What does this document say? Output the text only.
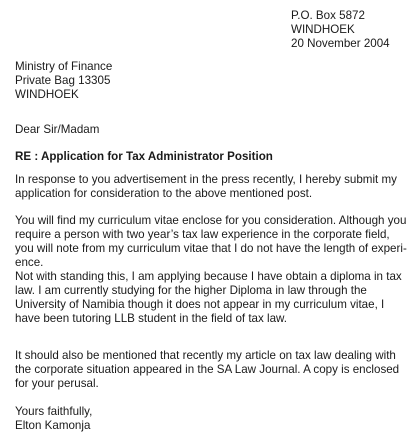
P.O. Box 5872
WINDHOEK
20 November 2004
Ministry of Finance
Private Bag 13305
WINDHOEK
Dear Sir/Madam
RE : Application for Tax Administrator Position
In response to you advertisement in the press recently, I hereby submit my
application for consideration to the above mentioned post.
You will find my curriculum vitae enclose for you consideration. Although you
require a person with two year’s tax law experience in the corporate field,
you will note from my curriculum vitae that I do not have the length of experi-
ence.
Not with standing this, I am applying because I have obtain a diploma in tax
law. I am currently studying for the higher Diploma in law through the
University of Namibia though it does not appear in my curriculum vitae, I
have been tutoring LLB student in the field of tax law.
It should also be mentioned that recently my article on tax law dealing with
the corporate situation appeared in the SA Law Journal. A copy is enclosed
for your perusal.
Yours faithfully,
Elton Kamonja
